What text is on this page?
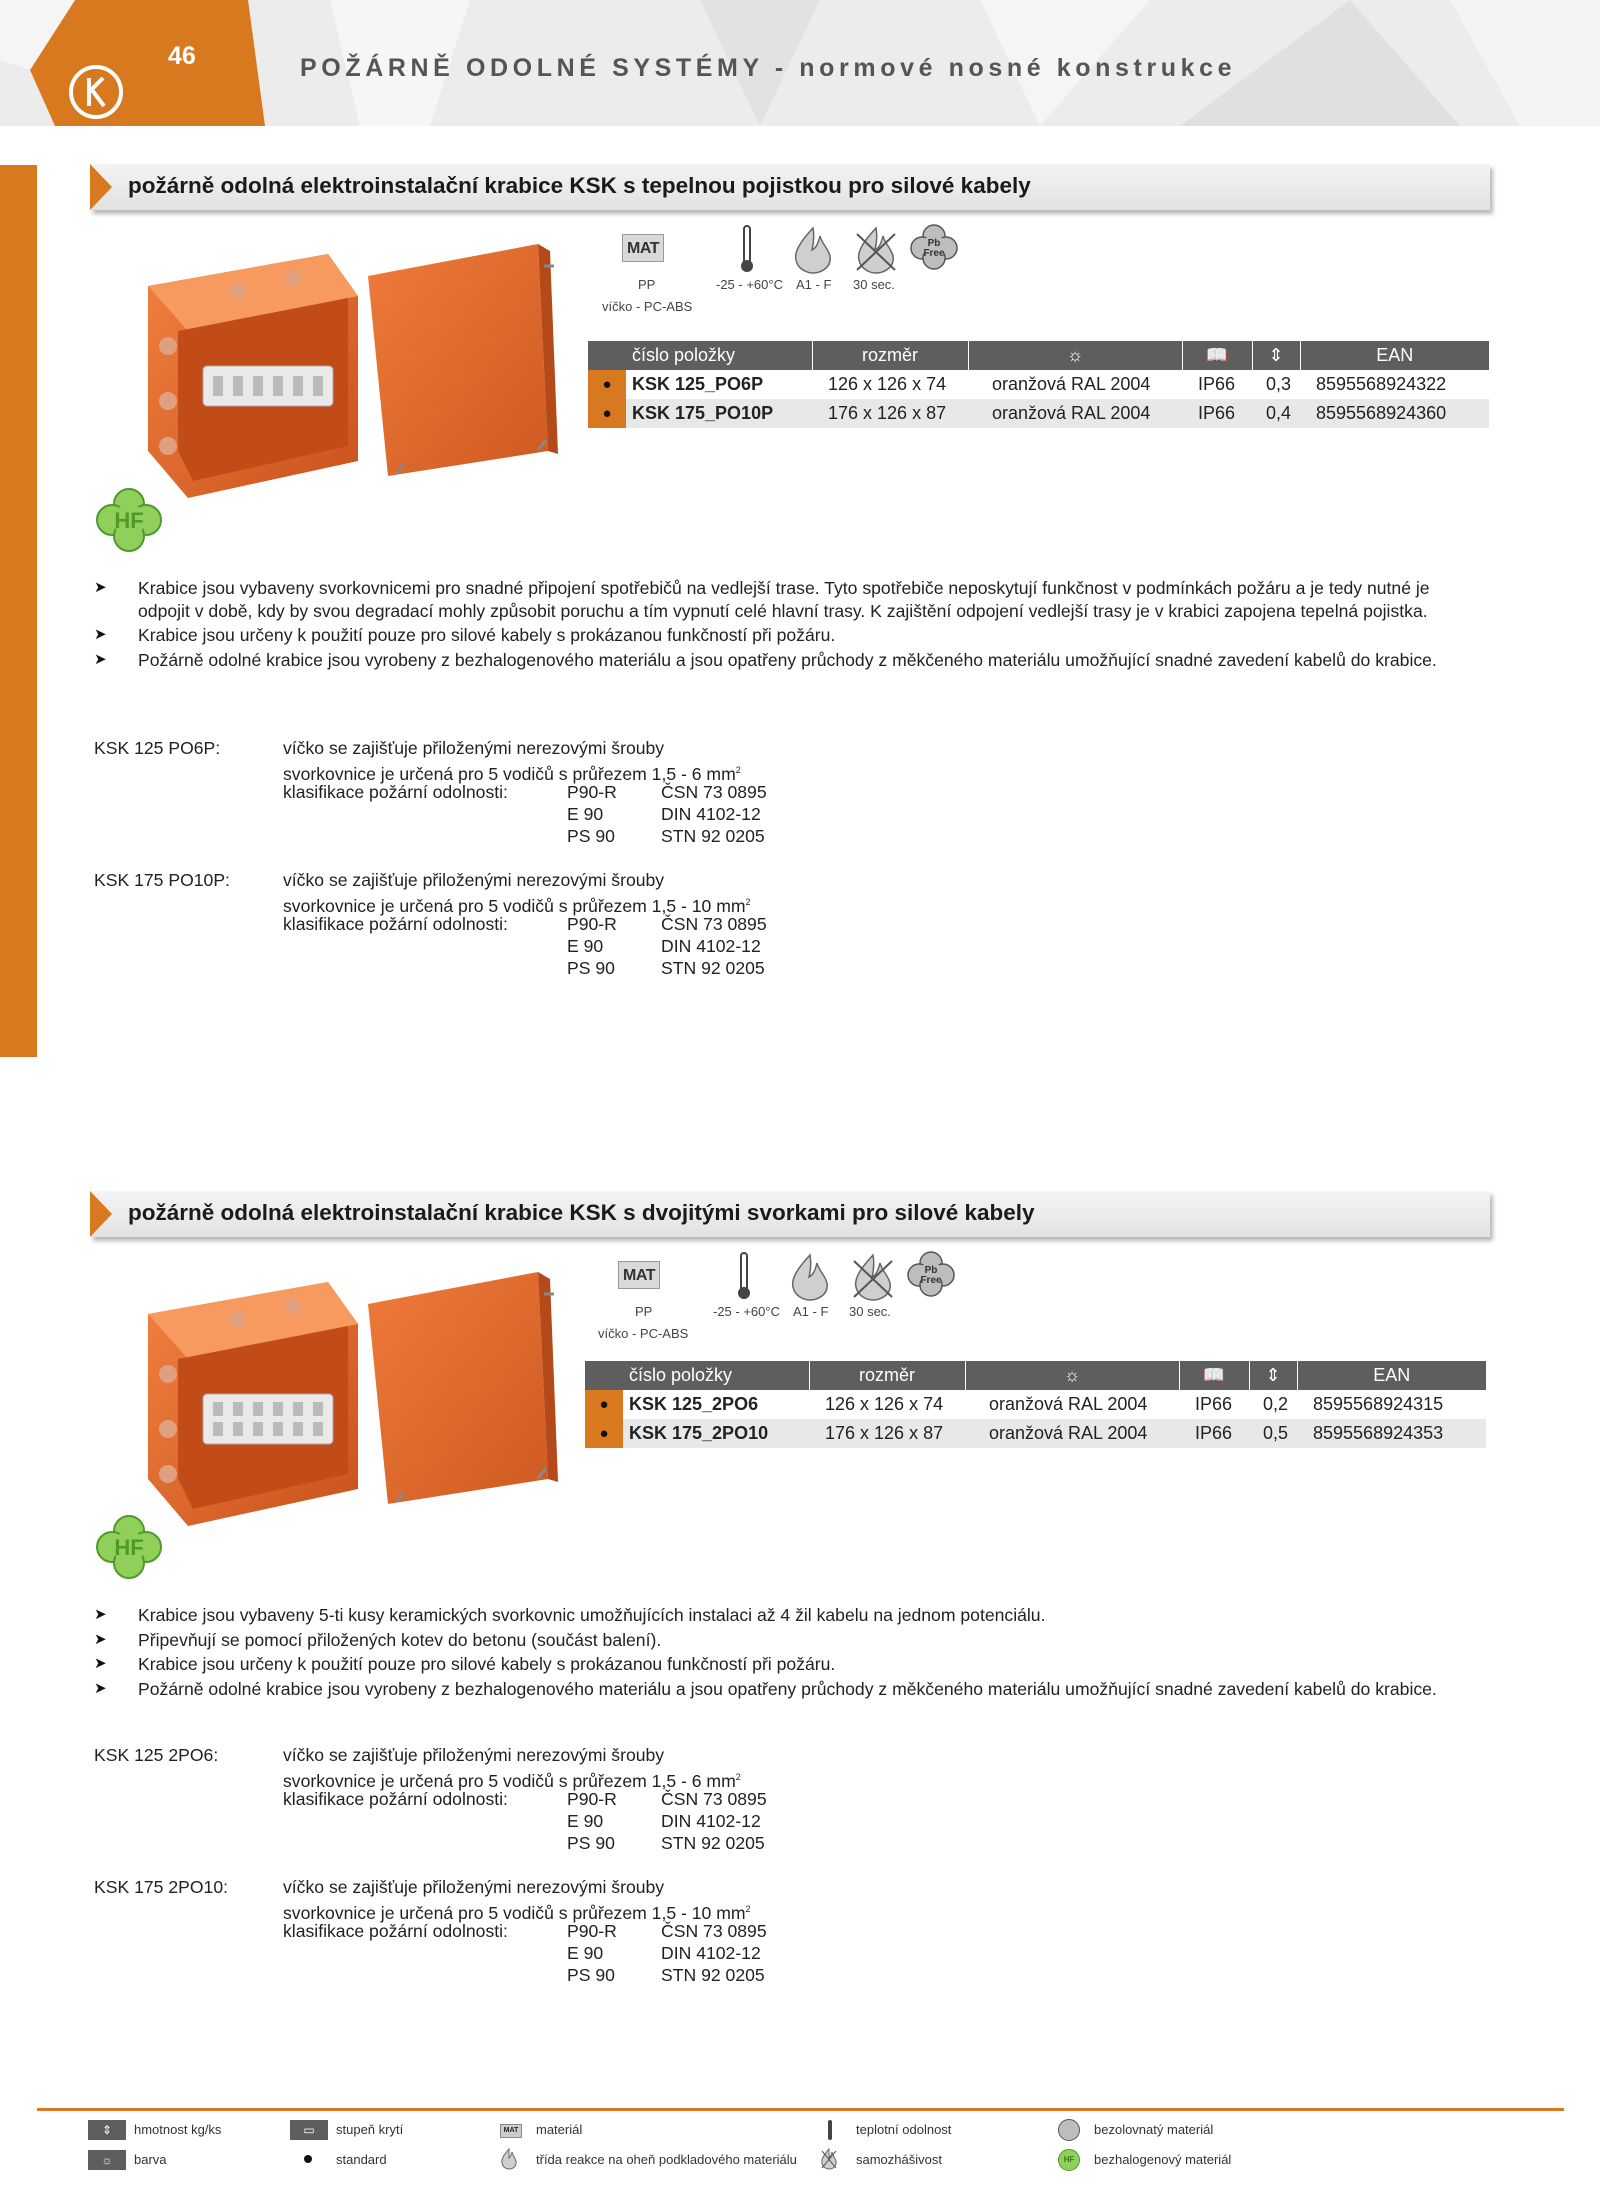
46	POŽÁRNĚ ODOLNÉ SYSTÉMY - normové nosné konstrukce
požárně odolná elektroinstalační krabice KSK s tepelnou pojistkou pro silové kabely
HF
MAT	Pb
Free
PP
víčko - PC-ABS
-25 - +60°C A1 - F 30 sec.
	číslo položky	rozměr	☼	📖	⇕	EAN
●	KSK 125_PO6P	126 x 126 x 74	oranžová RAL 2004	IP66	0,3	8595568924322
●	KSK 175_PO10P	176 x 126 x 87	oranžová RAL 2004	IP66	0,4	8595568924360
➤ Krabice jsou vybaveny svorkovnicemi pro snadné připojení spotřebičů na vedlejší trase. Tyto spotřebiče neposkytují funkčnost v podmínkách požáru a je tedy nutné je odpojit v době, kdy by svou degradací mohly způsobit poruchu a tím vypnutí celé hlavní trasy. K zajištění odpojení vedlejší trasy je v krabici zapojena tepelná pojistka.
➤ Krabice jsou určeny k použití pouze pro silové kabely s prokázanou funkčností při požáru.
➤ Požárně odolné krabice jsou vyrobeny z bezhalogenového materiálu a jsou opatřeny průchody z měkčeného materiálu umožňující snadné zavedení kabelů do krabice.
KSK 125 PO6P:	víčko se zajišťuje přiloženými nerezovými šrouby
svorkovnice je určená pro 5 vodičů s průřezem 1,5 - 6 $mm^2$
klasifikace požární odolnosti:	P90-R	ČSN 73 0895
E 90	DIN 4102-12
PS 90	STN 92 0205
KSK 175 PO10P:	víčko se zajišťuje přiloženými nerezovými šrouby
svorkovnice je určená pro 5 vodičů s průřezem 1,5 - 10 $mm^2$
klasifikace požární odolnosti:	P90-R	ČSN 73 0895
E 90	DIN 4102-12
PS 90	STN 92 0205
požárně odolná elektroinstalační krabice KSK s dvojitými svorkami pro silové kabely
HF
MAT	Pb
Free
PP
víčko - PC-ABS
-25 - +60°C A1 - F 30 sec.
	číslo položky	rozměr	☼	📖	⇕	EAN
●	KSK 125_2PO6	126 x 126 x 74	oranžová RAL 2004	IP66	0,2	8595568924315
●	KSK 175_2PO10	176 x 126 x 87	oranžová RAL 2004	IP66	0,5	8595568924353
➤ Krabice jsou vybaveny 5-ti kusy keramických svorkovnic umožňujících instalaci až 4 žil kabelu na jednom potenciálu.
➤ Připevňují se pomocí přiložených kotev do betonu (součást balení).
➤ Krabice jsou určeny k použití pouze pro silové kabely s prokázanou funkčností při požáru.
➤ Požárně odolné krabice jsou vyrobeny z bezhalogenového materiálu a jsou opatřeny průchody z měkčeného materiálu umožňující snadné zavedení kabelů do krabice.
KSK 125 2PO6:	víčko se zajišťuje přiloženými nerezovými šrouby
svorkovnice je určená pro 5 vodičů s průřezem 1,5 - 6 $mm^2$
klasifikace požární odolnosti:	P90-R	ČSN 73 0895
E 90	DIN 4102-12
PS 90	STN 92 0205
KSK 175 2PO10:	víčko se zajišťuje přiloženými nerezovými šrouby
svorkovnice je určená pro 5 vodičů s průřezem 1,5 - 10 $mm^2$
klasifikace požární odolnosti:	P90-R	ČSN 73 0895
E 90	DIN 4102-12
PS 90	STN 92 0205
⇕	hmotnost kg/ks	▭	stupeň krytí	MAT materiál	teplotní odolnost	bezolovnatý materiál
☼	barva	standard	třída reakce na oheň podkladového materiálu	samozhášivost	HF	bezhalogenový materiál
